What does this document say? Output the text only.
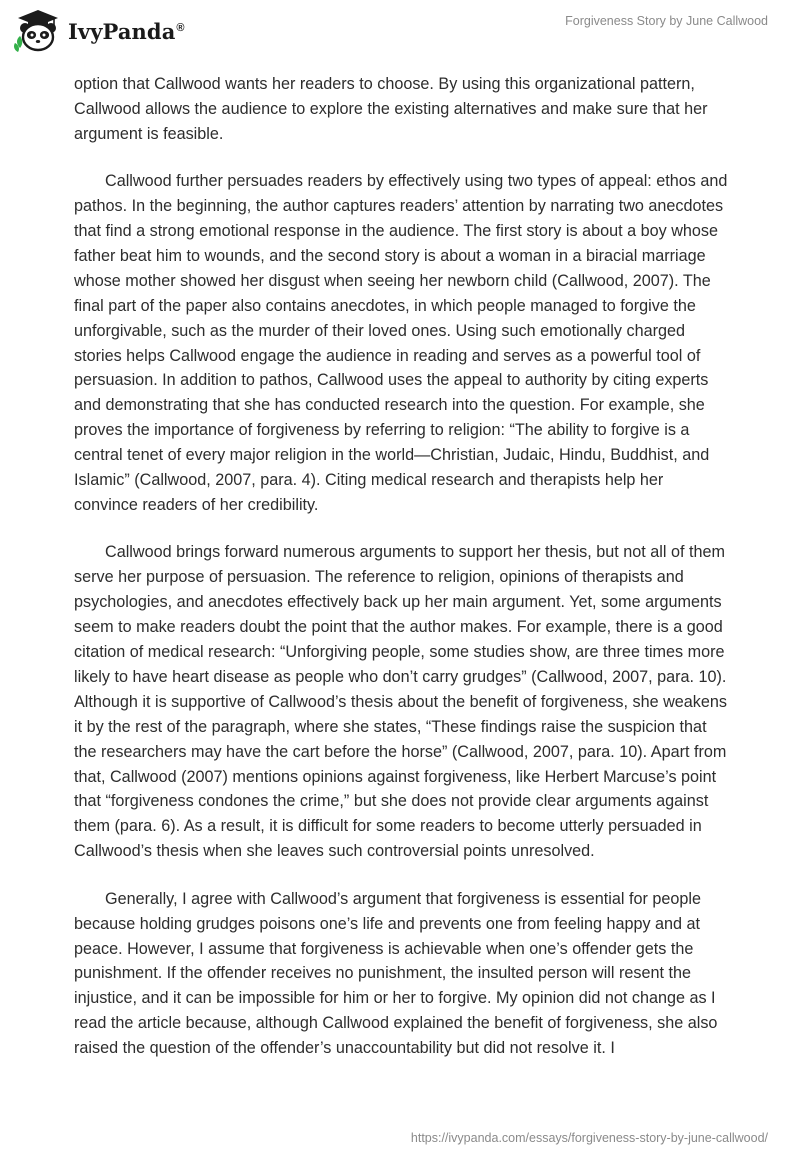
IvyPanda®	Forgiveness Story by June Callwood

option that Callwood wants her readers to choose. By using this organizational pattern, Callwood allows the audience to explore the existing alternatives and make sure that her argument is feasible.

Callwood further persuades readers by effectively using two types of appeal: ethos and pathos. In the beginning, the author captures readers’ attention by narrating two anecdotes that find a strong emotional response in the audience. The first story is about a boy whose father beat him to wounds, and the second story is about a woman in a biracial marriage whose mother showed her disgust when seeing her newborn child (Callwood, 2007). The final part of the paper also contains anecdotes, in which people managed to forgive the unforgivable, such as the murder of their loved ones. Using such emotionally charged stories helps Callwood engage the audience in reading and serves as a powerful tool of persuasion. In addition to pathos, Callwood uses the appeal to authority by citing experts and demonstrating that she has conducted research into the question. For example, she proves the importance of forgiveness by referring to religion: “The ability to forgive is a central tenet of every major religion in the world—Christian, Judaic, Hindu, Buddhist, and Islamic” (Callwood, 2007, para. 4). Citing medical research and therapists help her convince readers of her credibility.

Callwood brings forward numerous arguments to support her thesis, but not all of them serve her purpose of persuasion. The reference to religion, opinions of therapists and psychologies, and anecdotes effectively back up her main argument. Yet, some arguments seem to make readers doubt the point that the author makes. For example, there is a good citation of medical research: “Unforgiving people, some studies show, are three times more likely to have heart disease as people who don’t carry grudges” (Callwood, 2007, para. 10). Although it is supportive of Callwood’s thesis about the benefit of forgiveness, she weakens it by the rest of the paragraph, where she states, “These findings raise the suspicion that the researchers may have the cart before the horse” (Callwood, 2007, para. 10). Apart from that, Callwood (2007) mentions opinions against forgiveness, like Herbert Marcuse’s point that “forgiveness condones the crime,” but she does not provide clear arguments against them (para. 6). As a result, it is difficult for some readers to become utterly persuaded in Callwood’s thesis when she leaves such controversial points unresolved.

Generally, I agree with Callwood’s argument that forgiveness is essential for people because holding grudges poisons one’s life and prevents one from feeling happy and at peace. However, I assume that forgiveness is achievable when one’s offender gets the punishment. If the offender receives no punishment, the insulted person will resent the injustice, and it can be impossible for him or her to forgive. My opinion did not change as I read the article because, although Callwood explained the benefit of forgiveness, she also raised the question of the offender’s unaccountability but did not resolve it. I

https://ivypanda.com/essays/forgiveness-story-by-june-callwood/
